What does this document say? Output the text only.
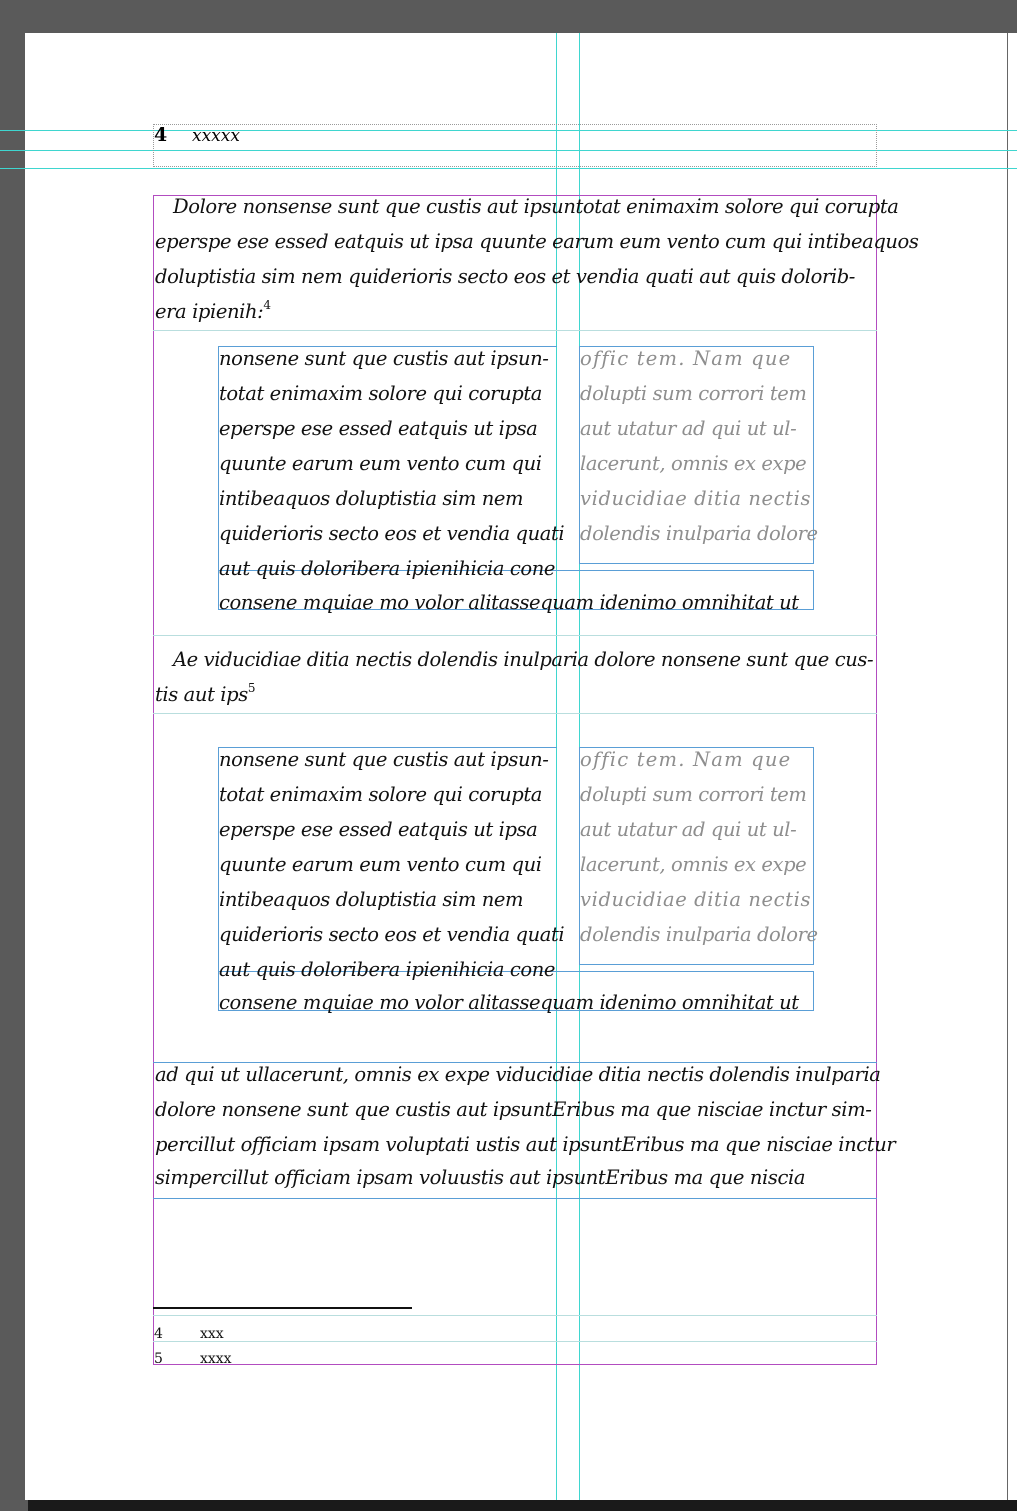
4 xxxxx
Dolore nonsense sunt que custis aut ipsuntotat enimaxim solore qui corupta
eperspe ese essed eatquis ut ipsa quunte earum eum vento cum qui intibeaquos
doluptistia sim nem quiderioris secto eos et vendia quati aut quis dolorib-
era ipienih:$^4$
nonsene sunt que custis aut ipsun-
totat enimaxim solore qui corupta
eperspe ese essed eatquis ut ipsa
quunte earum eum vento cum qui
intibeaquos doluptistia sim nem
quiderioris secto eos et vendia quati
aut quis doloribera ipienihicia cone
offic tem. Nam que
dolupti sum corrori tem
aut utatur ad qui ut ul-
lacerunt, omnis ex expe
viducidiae ditia nectis
dolendis inulparia dolore
consene mquiae mo volor alitassequam idenimo omnihitat ut
Ae viducidiae ditia nectis dolendis inulparia dolore nonsene sunt que cus-
tis aut ips$^5$
nonsene sunt que custis aut ipsun-
totat enimaxim solore qui corupta
eperspe ese essed eatquis ut ipsa
quunte earum eum vento cum qui
intibeaquos doluptistia sim nem
quiderioris secto eos et vendia quati
aut quis doloribera ipienihicia cone
offic tem. Nam que
dolupti sum corrori tem
aut utatur ad qui ut ul-
lacerunt, omnis ex expe
viducidiae ditia nectis
dolendis inulparia dolore
consene mquiae mo volor alitassequam idenimo omnihitat ut
ad qui ut ullacerunt, omnis ex expe viducidiae ditia nectis dolendis inulparia
dolore nonsene sunt que custis aut ipsuntEribus ma que nisciae inctur sim-
percillut officiam ipsam voluptati ustis aut ipsuntEribus ma que nisciae inctur
simpercillut officiam ipsam voluustis aut ipsuntEribus ma que niscia
4	xxx
5	xxxx
